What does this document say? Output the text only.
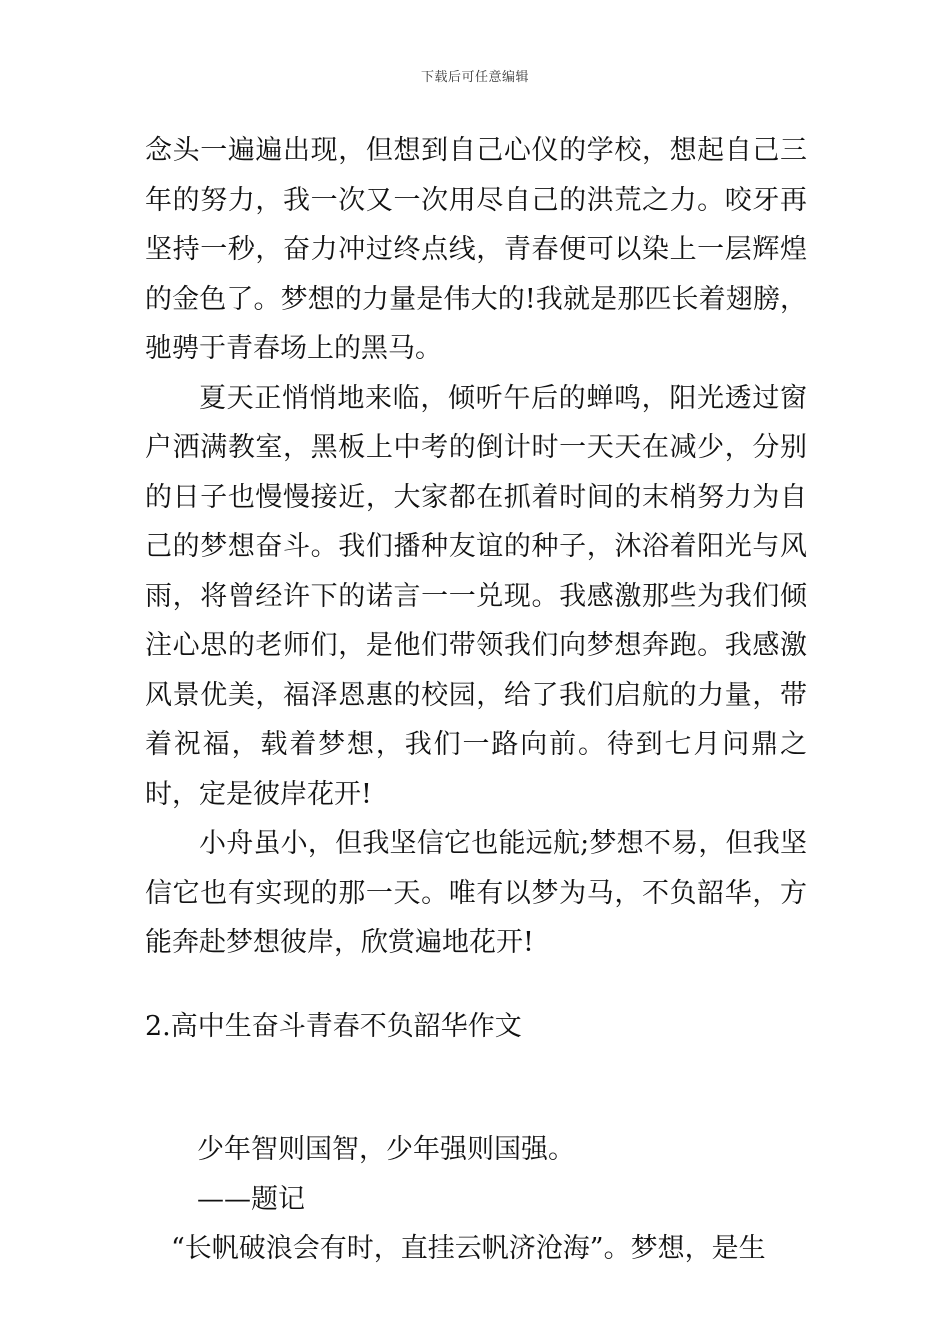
下载后可任意编辑

念头一遍遍出现，但想到自己心仪的学校，想起自己三年的努力，我一次又一次用尽自己的洪荒之力。咬牙再坚持一秒，奋力冲过终点线，青春便可以染上一层辉煌的金色了。梦想的力量是伟大的!我就是那匹长着翅膀，驰骋于青春场上的黑马。

夏天正悄悄地来临，倾听午后的蝉鸣，阳光透过窗户洒满教室，黑板上中考的倒计时一天天在减少，分别的日子也慢慢接近，大家都在抓着时间的末梢努力为自己的梦想奋斗。我们播种友谊的种子，沐浴着阳光与风雨，将曾经许下的诺言一一兑现。我感激那些为我们倾注心思的老师们，是他们带领我们向梦想奔跑。我感激风景优美，福泽恩惠的校园，给了我们启航的力量，带着祝福，载着梦想，我们一路向前。待到七月问鼎之时，定是彼岸花开!

小舟虽小，但我坚信它也能远航;梦想不易，但我坚信它也有实现的那一天。唯有以梦为马，不负韶华，方能奔赴梦想彼岸，欣赏遍地花开!

2.高中生奋斗青春不负韶华作文

少年智则国智，少年强则国强。

——题记

“长帆破浪会有时，直挂云帆济沧海”。梦想，是生
